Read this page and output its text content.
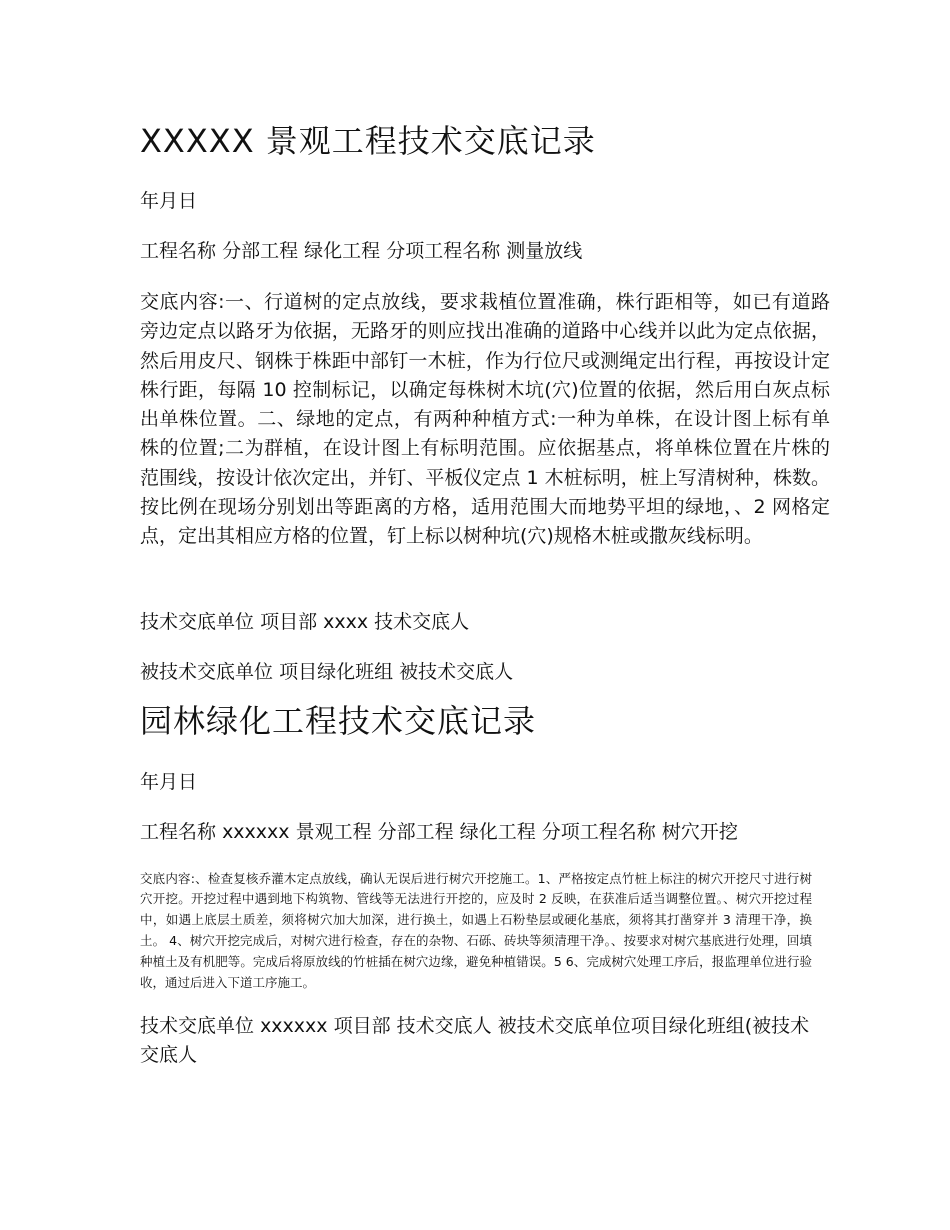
XXXXX 景观工程技术交底记录

年月日

工程名称 分部工程 绿化工程 分项工程名称 测量放线

交底内容:一、行道树的定点放线，要求栽植位置准确，株行距相等，如已有道路旁边定点以路牙为依据，无路牙的则应找出准确的道路中心线并以此为定点依据，然后用皮尺、钢株于株距中部钉一木桩，作为行位尺或测绳定出行程，再按设计定株行距，每隔 10 控制标记，以确定每株树木坑(穴)位置的依据，然后用白灰点标出单株位置。二、绿地的定点，有两种种植方式:一种为单株，在设计图上标有单株的位置;二为群植，在设计图上有标明范围。应依据基点，将单株位置在片株的范围线，按设计依次定出，并钉、平板仪定点 1 木桩标明，桩上写清树种，株数。按比例在现场分别划出等距离的方格，适用范围大而地势平坦的绿地，、2 网格定点，定出其相应方格的位置，钉上标以树种坑(穴)规格木桩或撒灰线标明。

技术交底单位 项目部 xxxx 技术交底人

被技术交底单位 项目绿化班组 被技术交底人

园林绿化工程技术交底记录

年月日

工程名称 xxxxxx 景观工程 分部工程 绿化工程 分项工程名称 树穴开挖

交底内容:、检查复核乔灌木定点放线，确认无误后进行树穴开挖施工。1、严格按定点竹桩上标注的树穴开挖尺寸进行树穴开挖。开挖过程中遇到地下构筑物、管线等无法进行开挖的，应及时 2 反映，在获准后适当调整位置。、树穴开挖过程中，如遇上底层土质差，须将树穴加大加深，进行换土，如遇上石粉垫层或硬化基底，须将其打凿穿并 3 清理干净，换土。 4、树穴开挖完成后，对树穴进行检查，存在的杂物、石砾、砖块等须清理干净。、按要求对树穴基底进行处理，回填种植土及有机肥等。完成后将原放线的竹桩插在树穴边缘，避免种植错误。5 6、完成树穴处理工序后，报监理单位进行验收，通过后进入下道工序施工。

技术交底单位 xxxxxx 项目部 技术交底人 被技术交底单位项目绿化班组(被技术交底人
